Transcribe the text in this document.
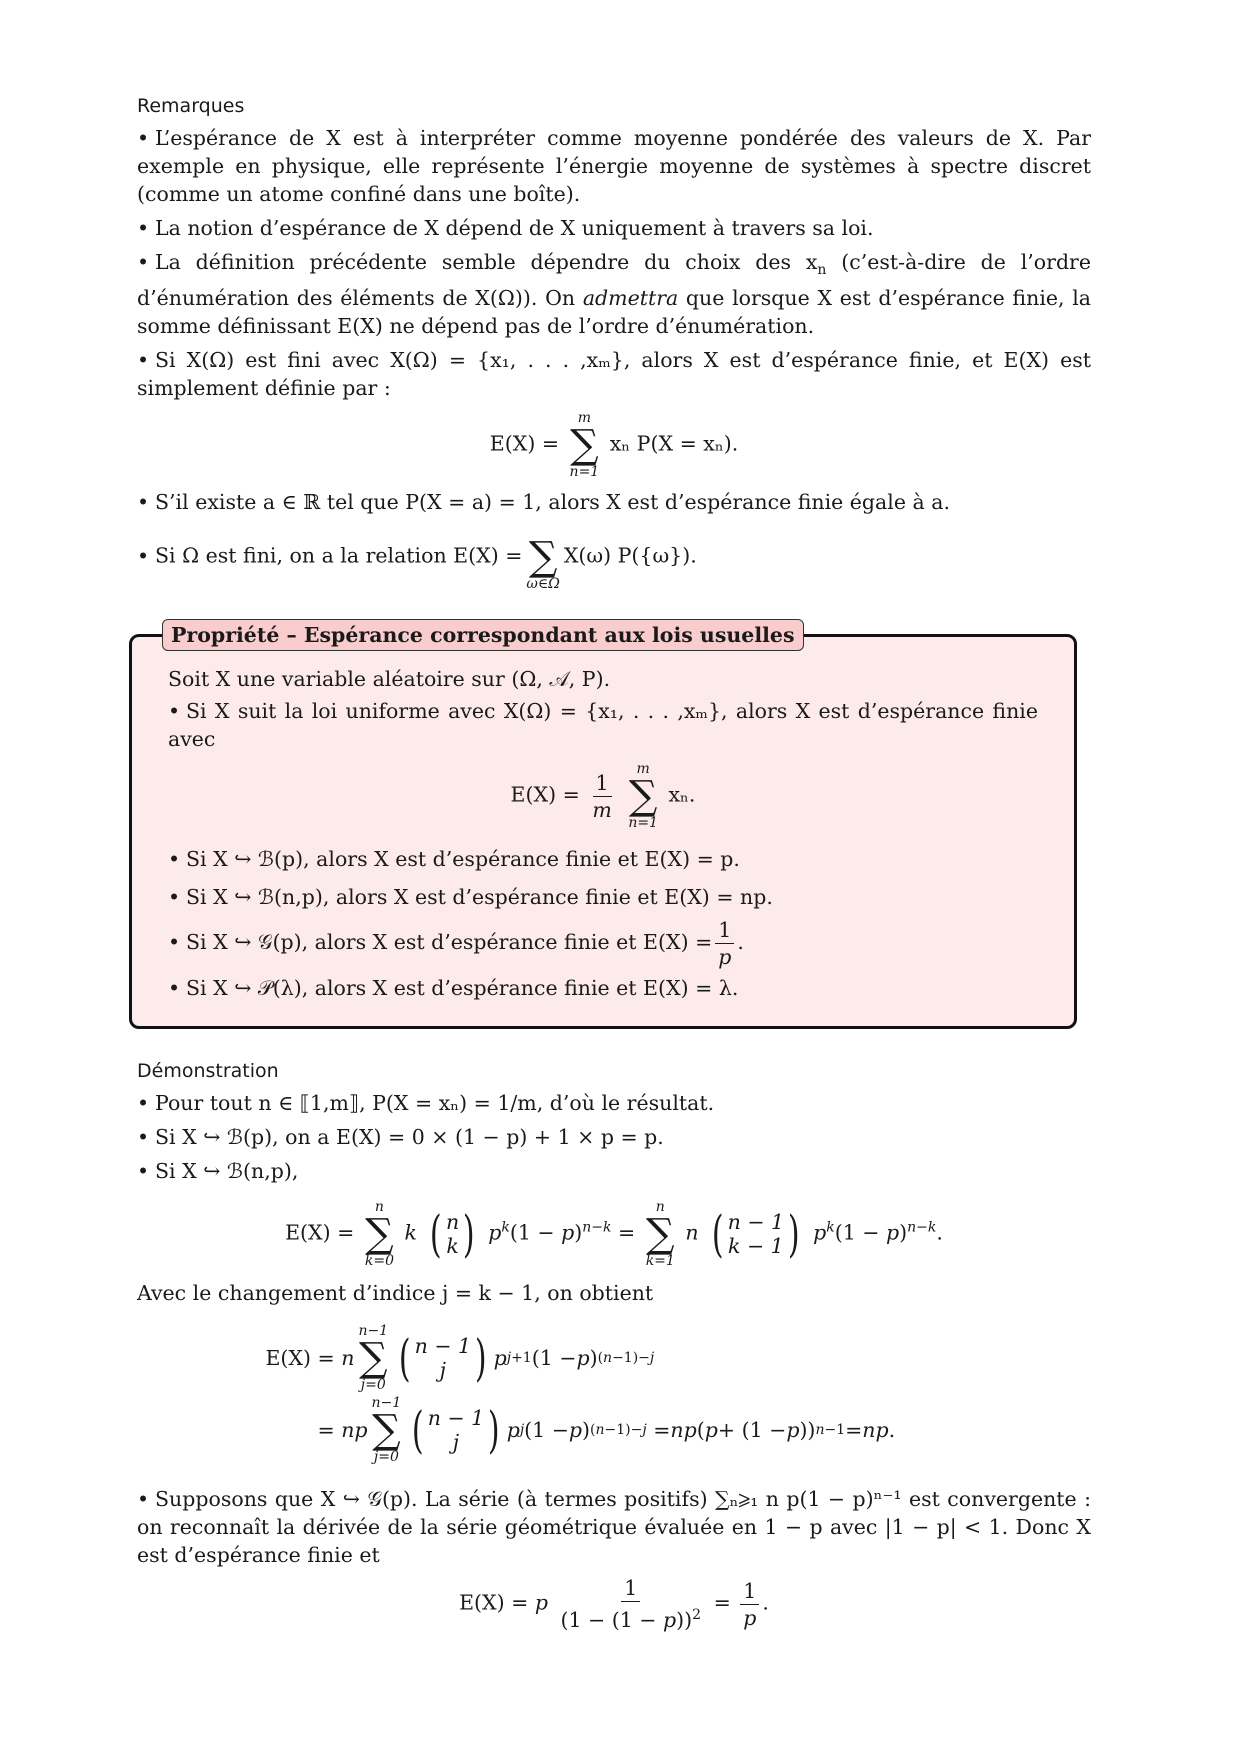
Remarques

• L’espérance de X est à interpréter comme moyenne pondérée des valeurs de X. Par exemple en physique, elle représente l’énergie moyenne de systèmes à spectre discret (comme un atome confiné dans une boîte).

• La notion d’espérance de X dépend de X uniquement à travers sa loi.

• La définition précédente semble dépendre du choix des $x_n$ (c’est-à-dire de l’ordre d’énumération des éléments de X(Ω)). On admettra que lorsque X est d’espérance finie, la somme définissant E(X) ne dépend pas de l’ordre d’énumération.

• Si X(Ω) est fini avec X(Ω) = {x₁, . . . ,xₘ}, alors X est d’espérance finie, et E(X) est simplement définie par :

E(X) =
m
∑
n=1
xₙ P(X = xₙ).

• S’il existe a ∈ ℝ tel que P(X = a) = 1, alors X est d’espérance finie égale à a.

• Si Ω est fini, on a la relation E(X) =
∑
ω∈Ω
X(ω) P({ω}).

Propriété – Espérance correspondant aux lois usuelles

Soit X une variable aléatoire sur (Ω, 𝒜, P).

• Si X suit la loi uniforme avec X(Ω) = {x₁, . . . ,xₘ}, alors X est d’espérance finie avec

$E(X) = \frac{1}{m}$

m
∑
n=1
xₙ.

• Si X ↪ ℬ(p), alors X est d’espérance finie et E(X) = p.

• Si X ↪ ℬ(n,p), alors X est d’espérance finie et E(X) = np.

• Si X ↪ 𝒢(p), alors X est d’espérance finie et $E(X) = \frac{1}{p}$ .

• Si X ↪ 𝒫(λ), alors X est d’espérance finie et E(X) = λ.

Démonstration

• Pour tout n ∈ ⟦1,m⟧, P(X = xₙ) = 1/m, d’où le résultat.

• Si X ↪ ℬ(p), on a E(X) = 0 × (1 − p) + 1 × p = p.

• Si X ↪ ℬ(n,p),

E(X) =
n
∑
k=0
k ( n
k ) $p^k(1 - p)^{n-k}$ =
n
∑
k=1
n ( n − 1
k − 1 ) $p^k(1 - p)^{n-k}$.

Avec le changement d’indice j = k − 1, on obtient

E(X) = n
n−1
∑
j=0 ( n − 1
j ) p j+1 (1 − p ) (n−1)−j
= np
n−1
∑
j=0 ( n − 1
j ) p j (1 − p ) (n−1)−j = np ( p + (1 − p )) n−1 = np .

• Supposons que X ↪ 𝒢(p). La série (à termes positifs) ∑ₙ⩾₁ n p(1 − p)ⁿ⁻¹ est convergente : on reconnaît la dérivée de la série géométrique évaluée en 1 − p avec |1 − p| < 1. Donc X est d’espérance finie et

E(X) = p $\frac{1}{(1 - (1 - p))^2} = \frac{1}{p}$ .
